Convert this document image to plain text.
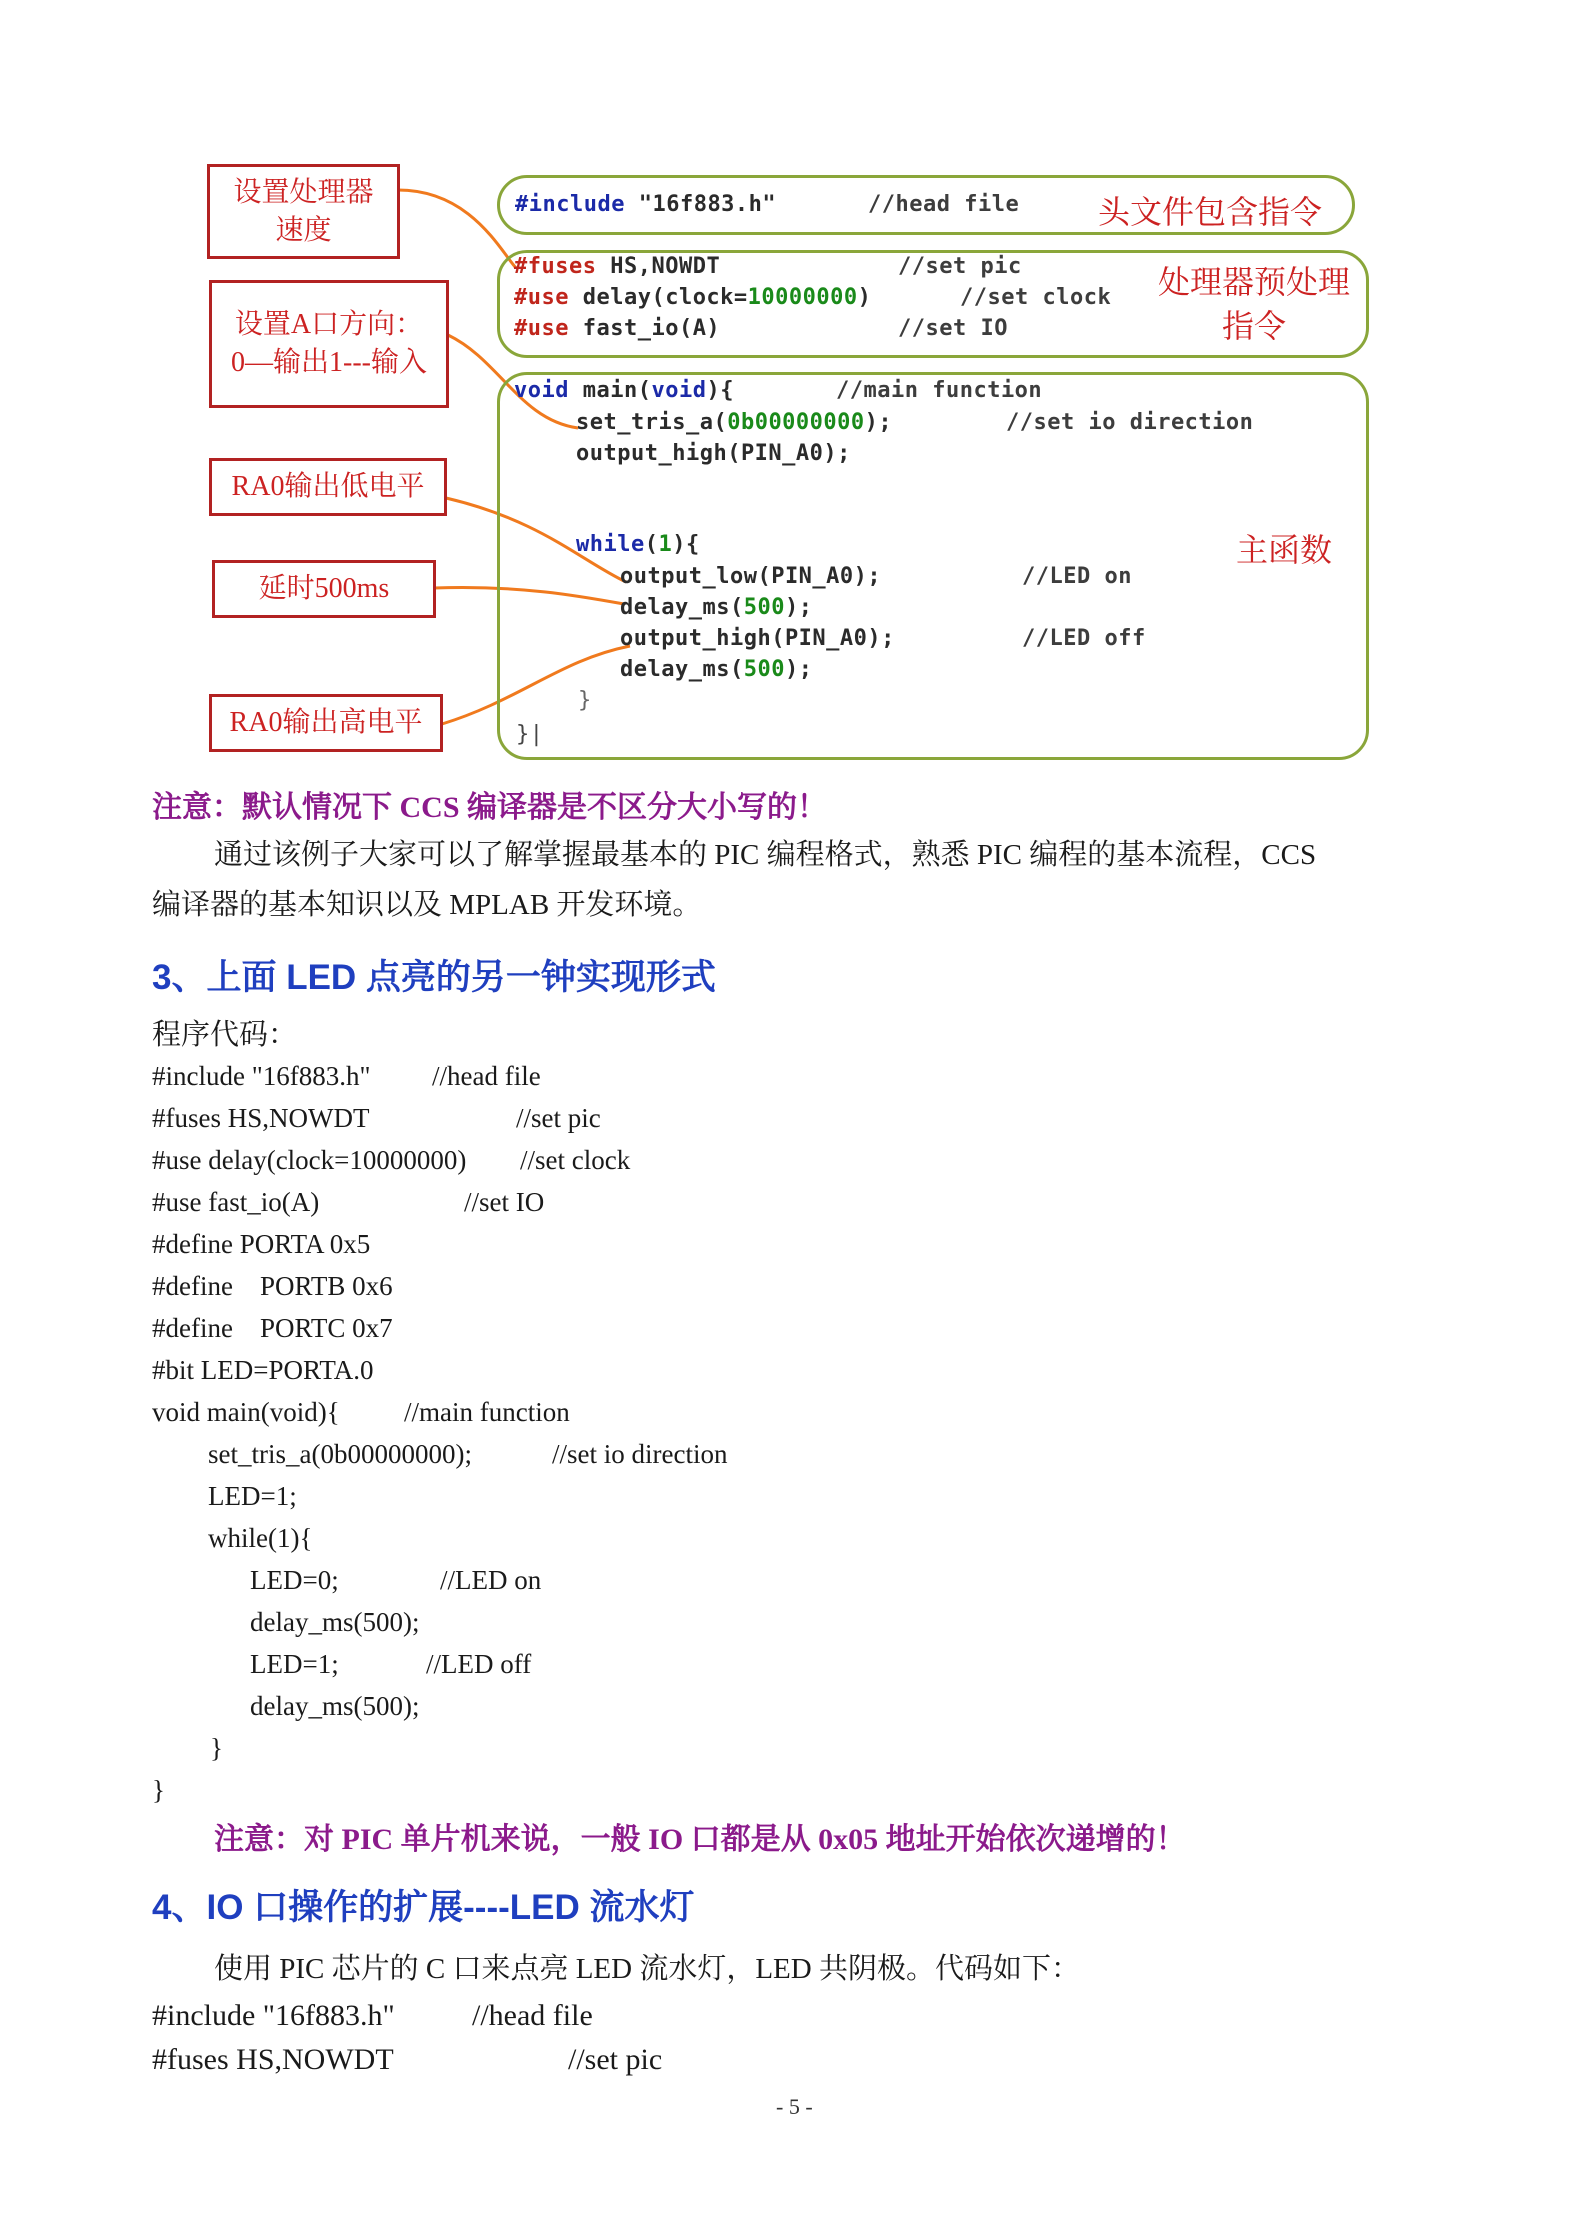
设置处理器
速度
设置A口方向：
0—输出1---输入
RA0输出低电平
延时500ms
RA0输出高电平
#include "16f883.h"	//head file
#fuses HS,NOWDT	//set pic
#use delay(clock=10000000)	//set clock
#use fast_io(A)	//set IO
void main(void){	//main function
set_tris_a(0b00000000);	//set io direction
output_high(PIN_A0);
while(1){
output_low(PIN_A0);	//LED on
delay_ms(500);
output_high(PIN_A0);	//LED off
delay_ms(500);
}
}|
头文件包含指令
处理器预处理
指令
主函数
注意：默认情况下 CCS 编译器是不区分大小写的！
通过该例子大家可以了解掌握最基本的 PIC 编程格式，熟悉 PIC 编程的基本流程，CCS
编译器的基本知识以及 MPLAB 开发环境。
3、上面 LED 点亮的另一钟实现形式
程序代码：
#include "16f883.h" //head file
#fuses HS,NOWDT	//set pic
#use delay(clock=10000000) //set clock
#use fast_io(A)	//set IO
#define PORTA 0x5
#define    PORTB 0x6
#define    PORTC 0x7
#bit LED=PORTA.0
void main(void){ //main function
set_tris_a(0b00000000);	//set io direction
LED=1;
while(1){
LED=0;	//LED on
delay_ms(500);
LED=1;	//LED off
delay_ms(500);
}
}
注意：对 PIC 单片机来说，一般 IO 口都是从 0x05 地址开始依次递增的！
4、IO 口操作的扩展----LED 流水灯
使用 PIC 芯片的 C 口来点亮 LED 流水灯，LED 共阴极。代码如下：
#include "16f883.h"	//head file
#fuses HS,NOWDT	//set pic
- 5 -
